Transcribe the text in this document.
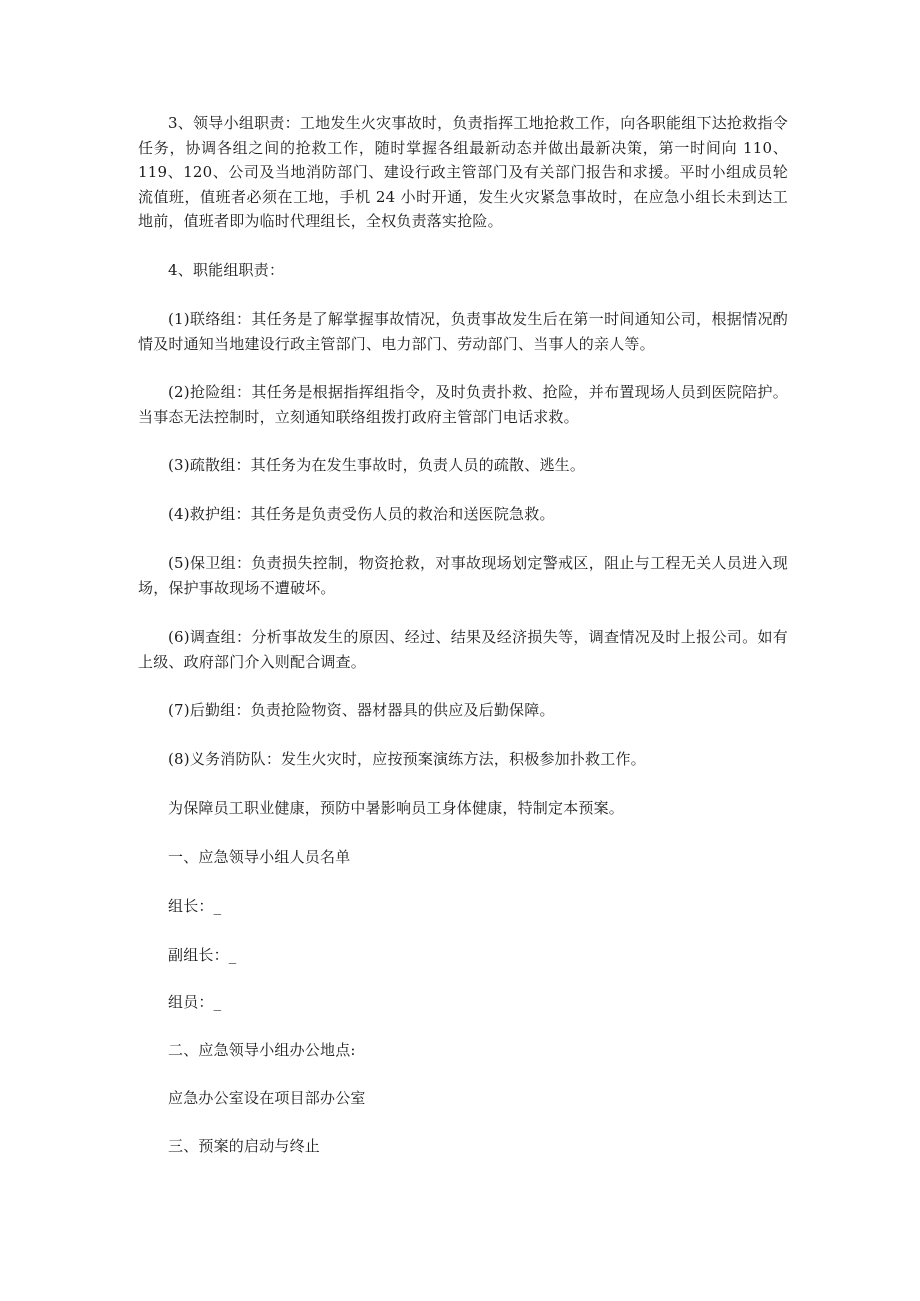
3、领导小组职责：工地发生火灾事故时，负责指挥工地抢救工作，向各职能组下达抢救指令任务，协调各组之间的抢救工作，随时掌握各组最新动态并做出最新决策，第一时间向 110、119、120、公司及当地消防部门、建设行政主管部门及有关部门报告和求援。平时小组成员轮流值班，值班者必须在工地，手机 24 小时开通，发生火灾紧急事故时，在应急小组长未到达工地前，值班者即为临时代理组长，全权负责落实抢险。

4、职能组职责：

(1)联络组：其任务是了解掌握事故情况，负责事故发生后在第一时间通知公司，根据情况酌情及时通知当地建设行政主管部门、电力部门、劳动部门、当事人的亲人等。

(2)抢险组：其任务是根据指挥组指令，及时负责扑救、抢险，并布置现场人员到医院陪护。当事态无法控制时，立刻通知联络组拨打政府主管部门电话求救。

(3)疏散组：其任务为在发生事故时，负责人员的疏散、逃生。

(4)救护组：其任务是负责受伤人员的救治和送医院急救。

(5)保卫组：负责损失控制，物资抢救，对事故现场划定警戒区，阻止与工程无关人员进入现场，保护事故现场不遭破坏。

(6)调查组：分析事故发生的原因、经过、结果及经济损失等，调查情况及时上报公司。如有上级、政府部门介入则配合调查。

(7)后勤组：负责抢险物资、器材器具的供应及后勤保障。

(8)义务消防队：发生火灾时，应按预案演练方法，积极参加扑救工作。

为保障员工职业健康，预防中暑影响员工身体健康，特制定本预案。

一、应急领导小组人员名单

组长：_

副组长：_

组员：_

二、应急领导小组办公地点:

应急办公室设在项目部办公室

三、预案的启动与终止
